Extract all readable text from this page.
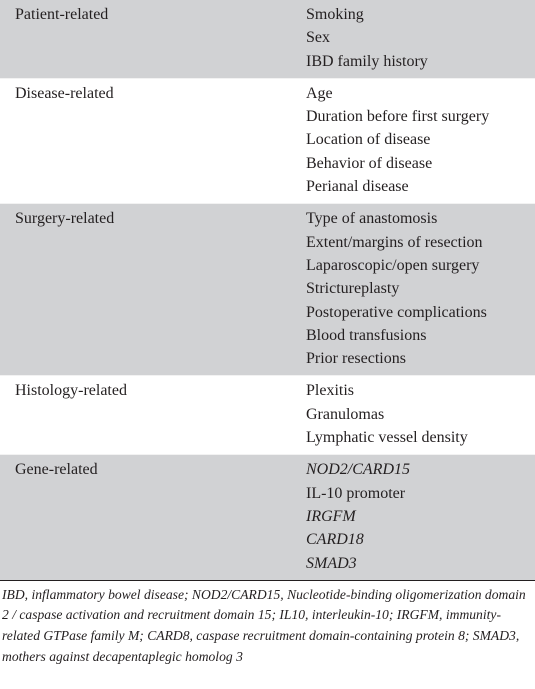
Patient-related	Smoking
Sex
IBD family history
Disease-related	Age
Duration before first surgery
Location of disease
Behavior of disease
Perianal disease
Surgery-related	Type of anastomosis
Extent/margins of resection
Laparoscopic/open surgery
Strictureplasty
Postoperative complications
Blood transfusions
Prior resections
Histology-related	Plexitis
Granulomas
Lymphatic vessel density
Gene-related	NOD2/CARD15
IL-10 promoter
IRGFM
CARD18
SMAD3
IBD, inflammatory bowel disease; NOD2/CARD15, Nucleotide-binding oligomerization domain 2 / caspase activation and recruitment domain 15; IL10, interleukin-10; IRGFM, immunity-related GTPase family M; CARD8, caspase recruitment domain-containing protein 8; SMAD3, mothers against decapentaplegic homolog 3
